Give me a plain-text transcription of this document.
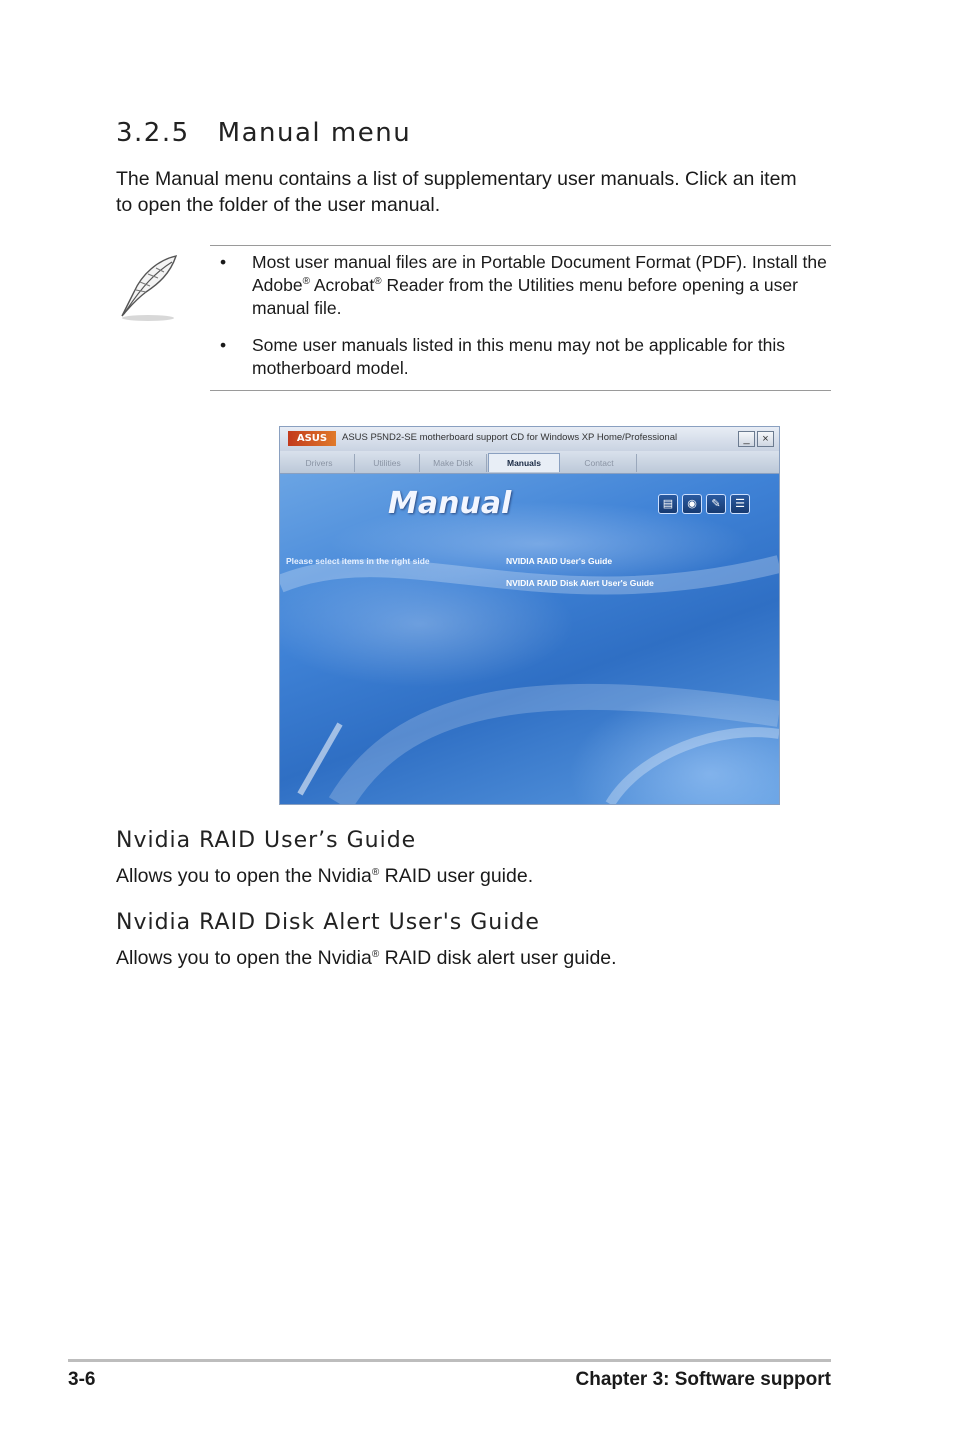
3.2.5 Manual menu
The Manual menu contains a list of supplementary user manuals. Click an item to open the folder of the user manual.
• Most user manual files are in Portable Document Format (PDF). Install the Adobe® Acrobat® Reader from the Utilities menu before opening a user manual file.
• Some user manuals listed in this menu may not be applicable for this motherboard model.
ASUS	ASUS P5ND2-SE motherboard support CD for Windows XP Home/Professional	_	×
Drivers	Utilities	Make Disk	Manuals	Contact
Manual	▤	◉	✎	☰
Please select items in the right side	NVIDIA RAID User's Guide
NVIDIA RAID Disk Alert User's Guide
Nvidia RAID User’s Guide
Allows you to open the Nvidia® RAID user guide.
Nvidia RAID Disk Alert User's Guide
Allows you to open the Nvidia® RAID disk alert user guide.
3-6	Chapter 3: Software support
